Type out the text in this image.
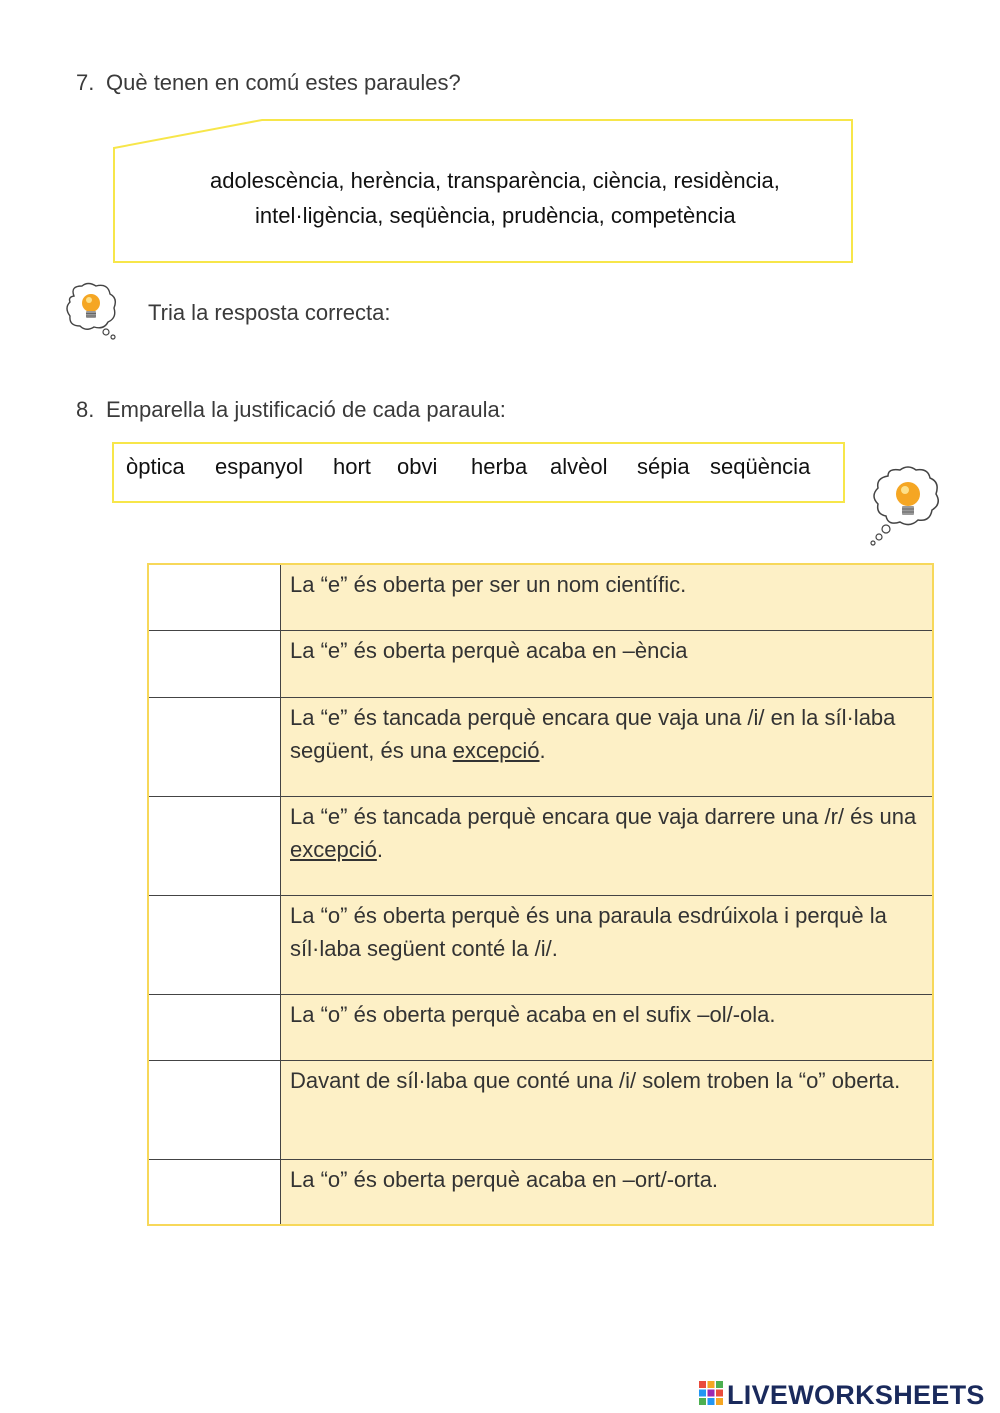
7. Què tenen en comú estes paraules?
adolescència, herència, transparència, ciència, residència,
intel·ligència, seqüència, prudència, competència
Tria la resposta correcta:
8. Emparella la justificació de cada paraula:
òptica espanyol hort obvi herba alvèol sépia seqüència
	La “e” és oberta per ser un nom científic.
	La “e” és oberta perquè acaba en –ència
	La “e” és tancada perquè encara que vaja una /i/ en la síl·laba següent, és una excepció.
	La “e” és tancada perquè encara que vaja darrere una /r/ és una excepció.
	La “o” és oberta perquè és una paraula esdrúixola i perquè la síl·laba següent conté la /i/.
	La “o” és oberta perquè acaba en el sufix –ol/-ola.
	Davant de síl·laba que conté una /i/ solem troben la “o” oberta.
	La “o” és oberta perquè acaba en –ort/-orta.
LIVEWORKSHEETS
